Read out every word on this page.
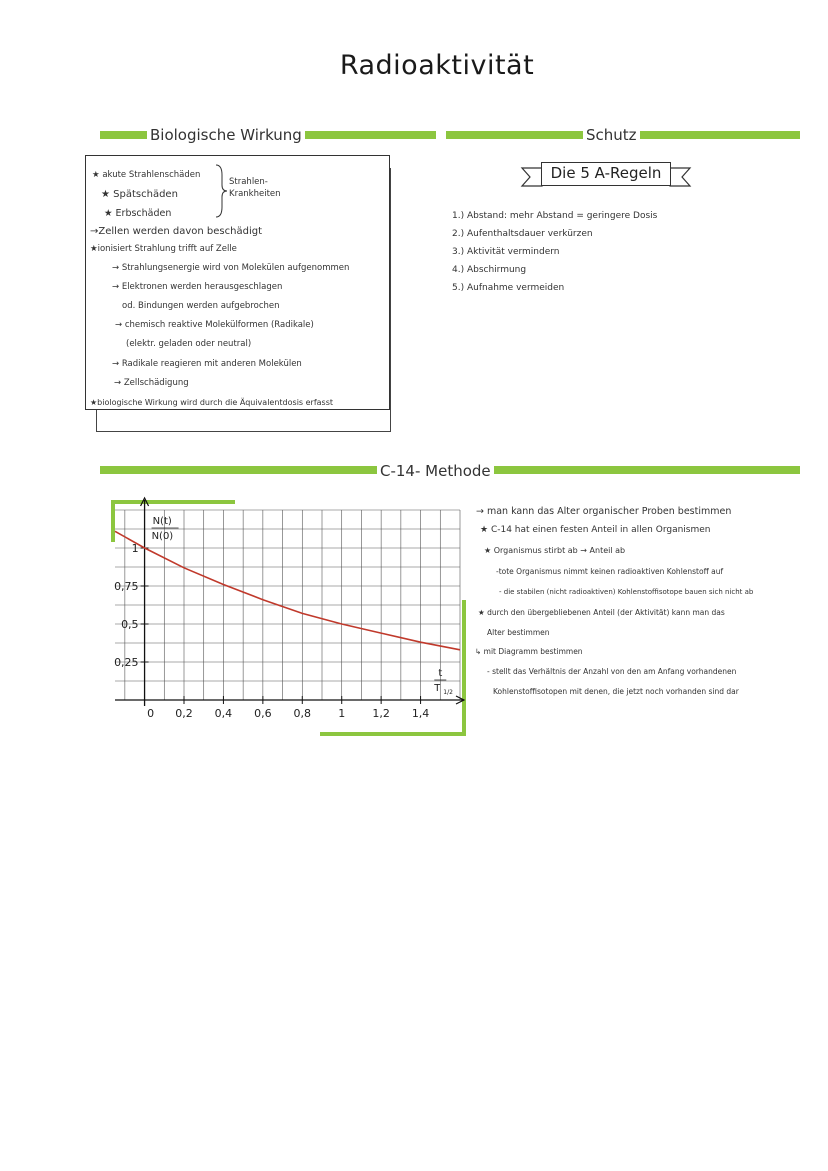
Radioaktivität
Biologische Wirkung	Schutz
C-14- Methode
★ akute Strahlenschäden
★ Spätschäden
★ Erbschäden
Strahlen-
Krankheiten
→Zellen werden davon beschädigt
★ionisiert Strahlung trifft auf Zelle
→ Strahlungsenergie wird von Molekülen aufgenommen
→ Elektronen werden herausgeschlagen
od. Bindungen werden aufgebrochen
→ chemisch reaktive Molekülformen (Radikale)
(elektr. geladen oder neutral)
→ Radikale reagieren mit anderen Molekülen
→ Zellschädigung
★biologische Wirkung wird durch die Äquivalentdosis erfasst
Die 5 A-Regeln
1.) Abstand: mehr Abstand = geringere Dosis
2.) Aufenthaltsdauer verkürzen
3.) Aktivität vermindern
4.) Abschirmung
5.) Aufnahme vermeiden
→ man kann das Alter organischer Proben bestimmen
★ C-14 hat einen festen Anteil in allen Organismen
★ Organismus stirbt ab → Anteil ab
-tote Organismus nimmt keinen radioaktiven Kohlenstoff auf
- die stabilen (nicht radioaktiven) Kohlenstoffisotope bauen sich nicht ab
★ durch den übergebliebenen Anteil (der Aktivität) kann man das
Alter bestimmen
↳ mit Diagramm bestimmen
- stellt das Verhältnis der Anzahl von den am Anfang vorhandenen
Kohlenstoffisotopen mit denen, die jetzt noch vorhanden sind dar
0,25
0,5
0,75
1
0 0,2 0,4 0,6 0,8 1 1,2 1,4
N(t)
N(0)
t
T 1/2
